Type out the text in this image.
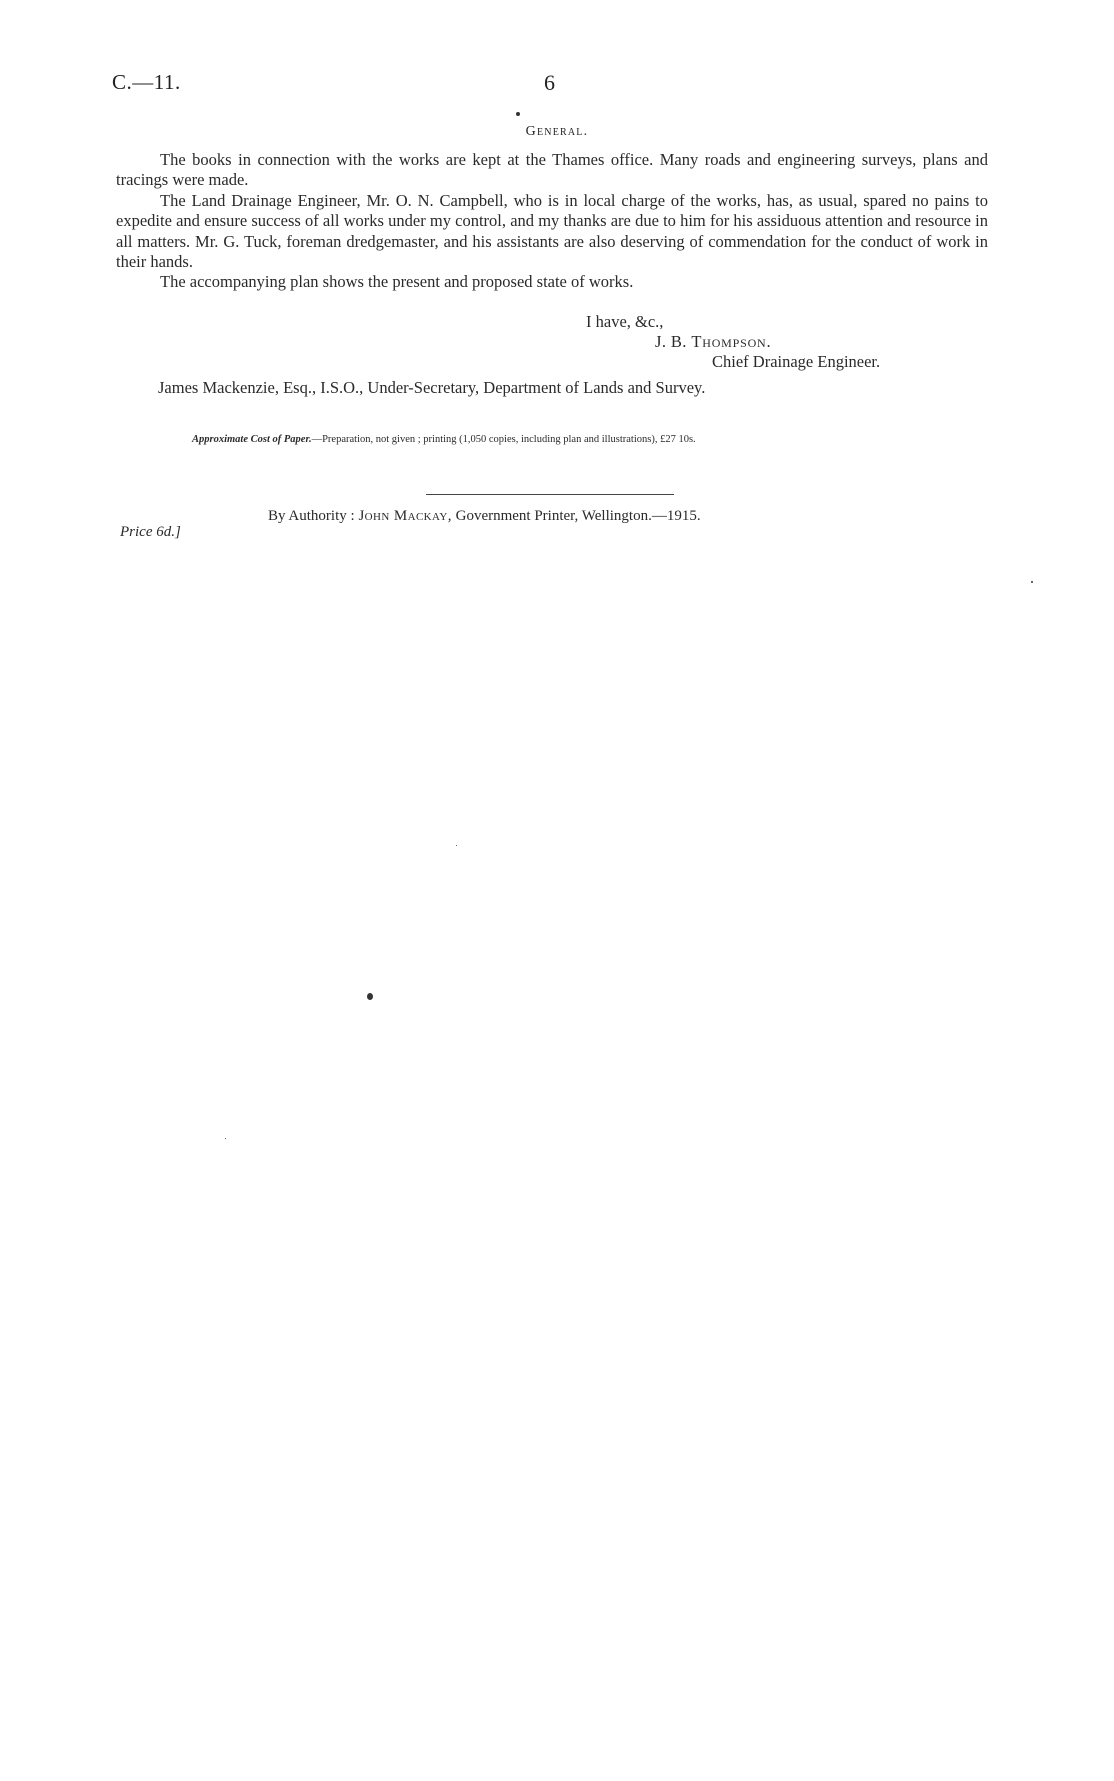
C.—11.	6
General.

The books in connection with the works are kept at the Thames office. Many roads and engineering surveys, plans and tracings were made.

The Land Drainage Engineer, Mr. O. N. Campbell, who is in local charge of the works, has, as usual, spared no pains to expedite and ensure success of all works under my control, and my thanks are due to him for his assiduous attention and resource in all matters. Mr. G. Tuck, foreman dredgemaster, and his assistants are also deserving of commendation for the conduct of work in their hands.

The accompanying plan shows the present and proposed state of works.

I have, &c.,
J. B. Thompson.
Chief Drainage Engineer.
James Mackenzie, Esq., I.S.O., Under-Secretary, Department of Lands and Survey.
Approximate Cost of Paper.—Preparation, not given ; printing (1,050 copies, including plan and illustrations), £27 10s.
By Authority : John Mackay, Government Printer, Wellington.—1915.
Price 6d.]
